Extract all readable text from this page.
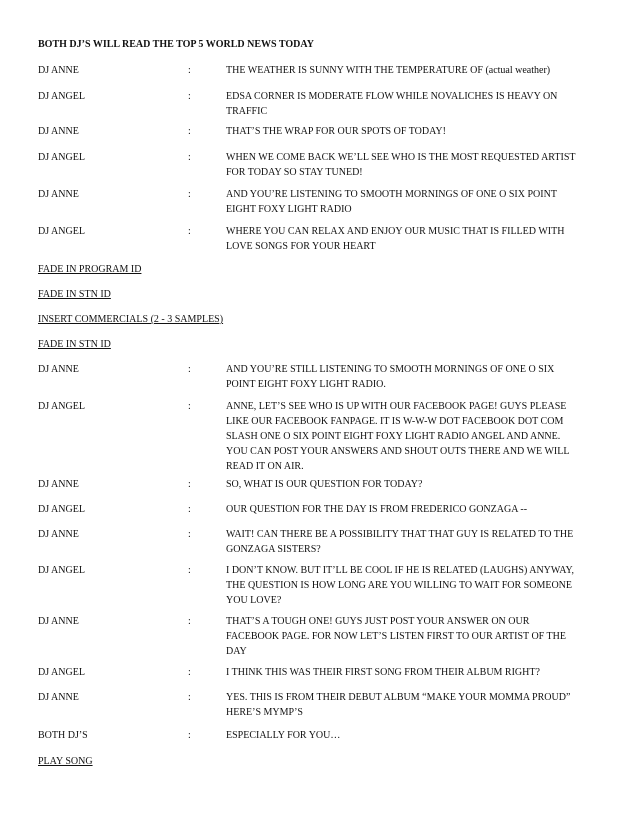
BOTH DJ’S WILL READ THE TOP 5 WORLD NEWS TODAY
DJ ANNE	:	THE WEATHER IS SUNNY WITH THE TEMPERATURE OF (actual weather)
DJ ANGEL	:	EDSA CORNER IS MODERATE FLOW WHILE NOVALICHES IS HEAVY ON
TRAFFIC
DJ ANNE	:	THAT’S THE WRAP FOR OUR SPOTS OF TODAY!
DJ ANGEL	:	WHEN WE COME BACK WE’LL SEE WHO IS THE MOST REQUESTED ARTIST
FOR TODAY SO STAY TUNED!
DJ ANNE	:	AND YOU’RE LISTENING TO SMOOTH MORNINGS OF ONE O SIX POINT
EIGHT FOXY LIGHT RADIO
DJ ANGEL	:	WHERE YOU CAN RELAX AND ENJOY OUR MUSIC THAT IS FILLED WITH
LOVE SONGS FOR YOUR HEART
FADE IN PROGRAM ID
FADE IN STN ID
INSERT COMMERCIALS (2 - 3 SAMPLES)
FADE IN STN ID
DJ ANNE	:	AND YOU’RE STILL LISTENING TO SMOOTH MORNINGS OF ONE O SIX
POINT EIGHT FOXY LIGHT RADIO.
DJ ANGEL	:	ANNE, LET’S SEE WHO IS UP WITH OUR FACEBOOK PAGE! GUYS PLEASE
LIKE OUR FACEBOOK FANPAGE. IT IS W-W-W DOT FACEBOOK DOT COM
SLASH ONE O SIX POINT EIGHT FOXY LIGHT RADIO ANGEL AND ANNE.
YOU CAN POST YOUR ANSWERS AND SHOUT OUTS THERE AND WE WILL
READ IT ON AIR.
DJ ANNE	:	SO, WHAT IS OUR QUESTION FOR TODAY?
DJ ANGEL	:	OUR QUESTION FOR THE DAY IS FROM FREDERICO GONZAGA --
DJ ANNE	:	WAIT! CAN THERE BE A POSSIBILITY THAT THAT GUY IS RELATED TO THE
GONZAGA SISTERS?
DJ ANGEL	:	I DON’T KNOW. BUT IT’LL BE COOL IF HE IS RELATED (LAUGHS) ANYWAY,
THE QUESTION IS HOW LONG ARE YOU WILLING TO WAIT FOR SOMEONE
YOU LOVE?
DJ ANNE	:	THAT’S A TOUGH ONE! GUYS JUST POST YOUR ANSWER ON OUR
FACEBOOK PAGE. FOR NOW LET’S LISTEN FIRST TO OUR ARTIST OF THE
DAY
DJ ANGEL	:	I THINK THIS WAS THEIR FIRST SONG FROM THEIR ALBUM RIGHT?
DJ ANNE	:	YES. THIS IS FROM THEIR DEBUT ALBUM “MAKE YOUR MOMMA PROUD”
HERE’S MYMP’S
BOTH DJ’S	:	ESPECIALLY FOR YOU…
PLAY SONG
